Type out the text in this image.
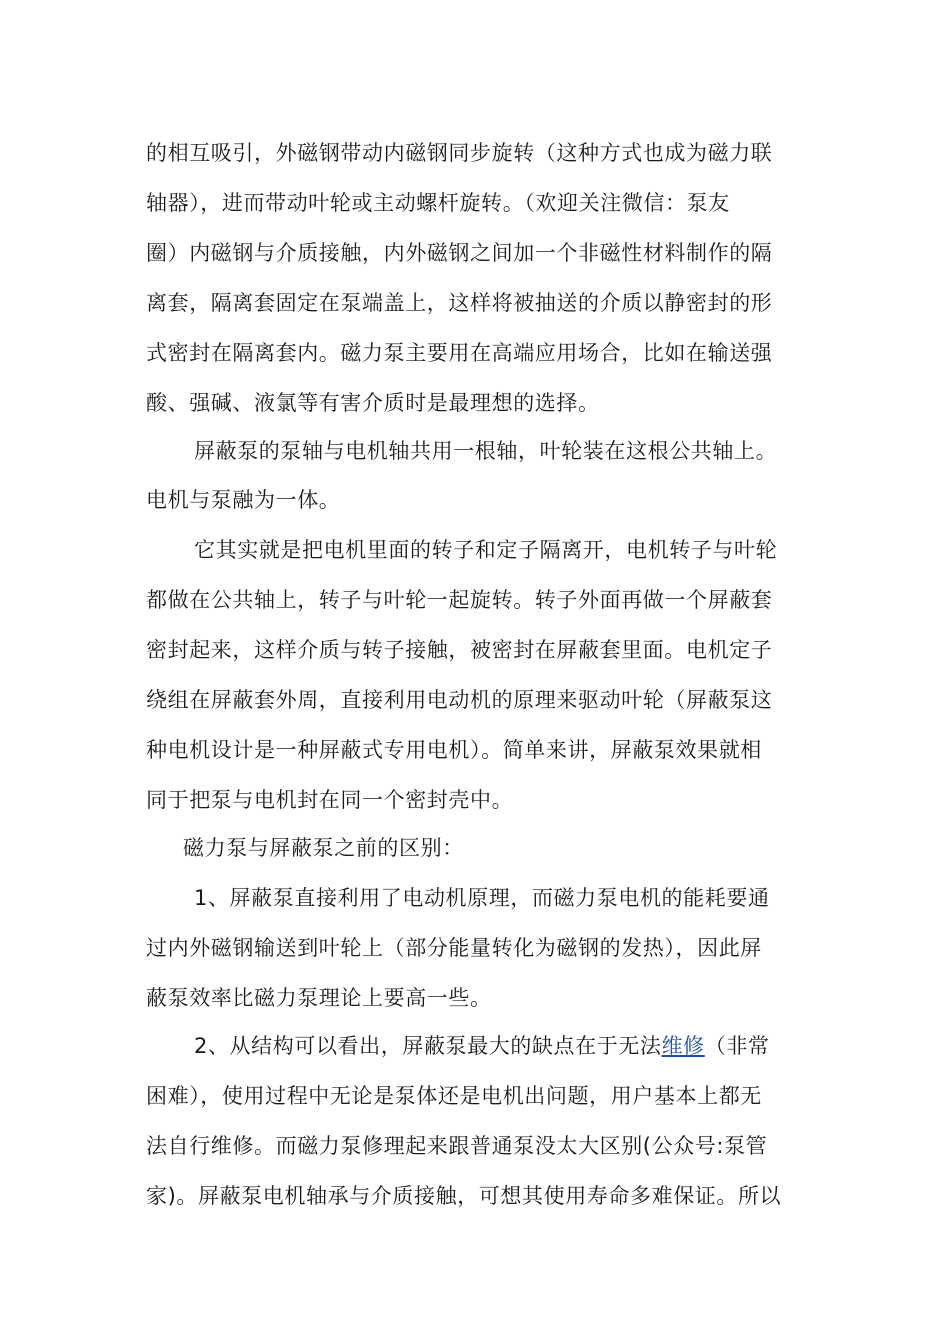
的相互吸引，外磁钢带动内磁钢同步旋转（这种方式也成为磁力联
轴器），进而带动叶轮或主动螺杆旋转。（欢迎关注微信：泵友
圈）内磁钢与介质接触，内外磁钢之间加一个非磁性材料制作的隔
离套，隔离套固定在泵端盖上，这样将被抽送的介质以静密封的形
式密封在隔离套内。磁力泵主要用在高端应用场合，比如在输送强
酸、强碱、液氯等有害介质时是最理想的选择。
屏蔽泵的泵轴与电机轴共用一根轴，叶轮装在这根公共轴上。
电机与泵融为一体。
它其实就是把电机里面的转子和定子隔离开，电机转子与叶轮
都做在公共轴上，转子与叶轮一起旋转。转子外面再做一个屏蔽套
密封起来，这样介质与转子接触，被密封在屏蔽套里面。电机定子
绕组在屏蔽套外周，直接利用电动机的原理来驱动叶轮（屏蔽泵这
种电机设计是一种屏蔽式专用电机）。简单来讲，屏蔽泵效果就相
同于把泵与电机封在同一个密封壳中。
磁力泵与屏蔽泵之前的区别：
1、屏蔽泵直接利用了电动机原理，而磁力泵电机的能耗要通
过内外磁钢输送到叶轮上（部分能量转化为磁钢的发热），因此屏
蔽泵效率比磁力泵理论上要高一些。
2、从结构可以看出，屏蔽泵最大的缺点在于无法维修（非常
困难），使用过程中无论是泵体还是电机出问题，用户基本上都无
法自行维修。而磁力泵修理起来跟普通泵没太大区别(公众号:泵管
家)。屏蔽泵电机轴承与介质接触，可想其使用寿命多难保证。所以
